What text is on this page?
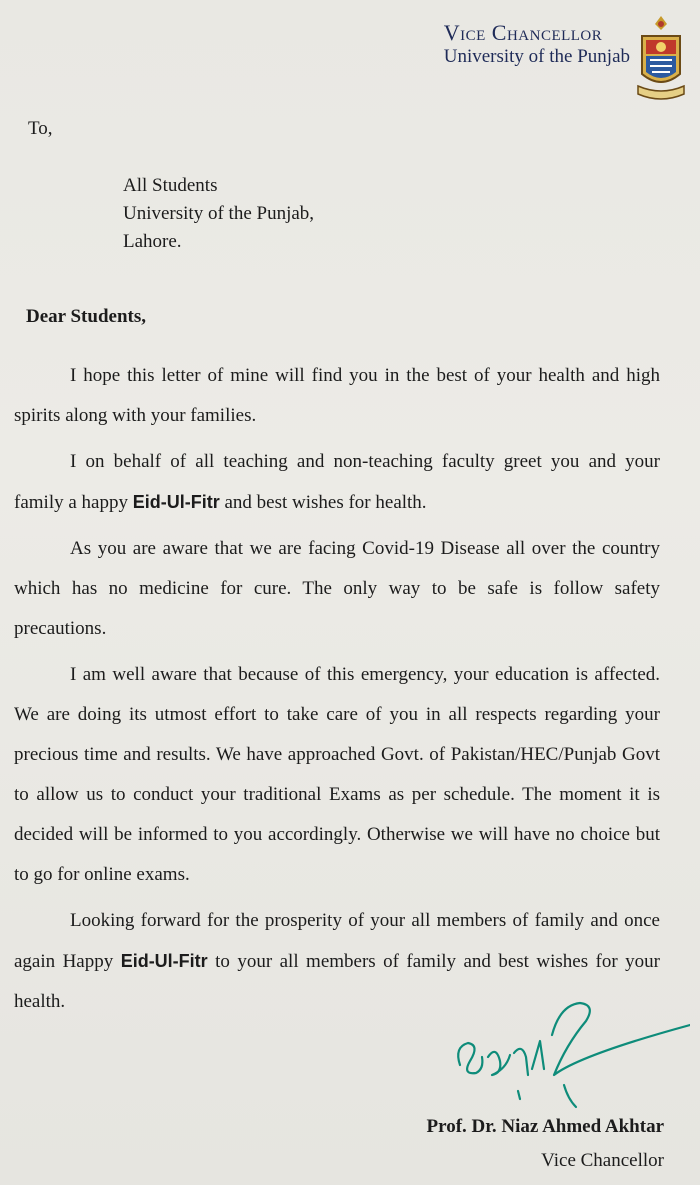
Vice Chancellor
University of the Punjab
To,
All Students
University of the Punjab,
Lahore.
Dear Students,

I hope this letter of mine will find you in the best of your health and high spirits along with your families.

I on behalf of all teaching and non-teaching faculty greet you and your family a happy Eid-Ul-Fitr and best wishes for health.

As you are aware that we are facing Covid-19 Disease all over the country which has no medicine for cure. The only way to be safe is follow safety precautions.

I am well aware that because of this emergency, your education is affected. We are doing its utmost effort to take care of you in all respects regarding your precious time and results. We have approached Govt. of Pakistan/HEC/Punjab Govt to allow us to conduct your traditional Exams as per schedule. The moment it is decided will be informed to you accordingly. Otherwise we will have no choice but to go for online exams.

Looking forward for the prosperity of your all members of family and once again Happy Eid-Ul-Fitr to your all members of family and best wishes for your health.

Prof. Dr. Niaz Ahmed Akhtar
Vice Chancellor
